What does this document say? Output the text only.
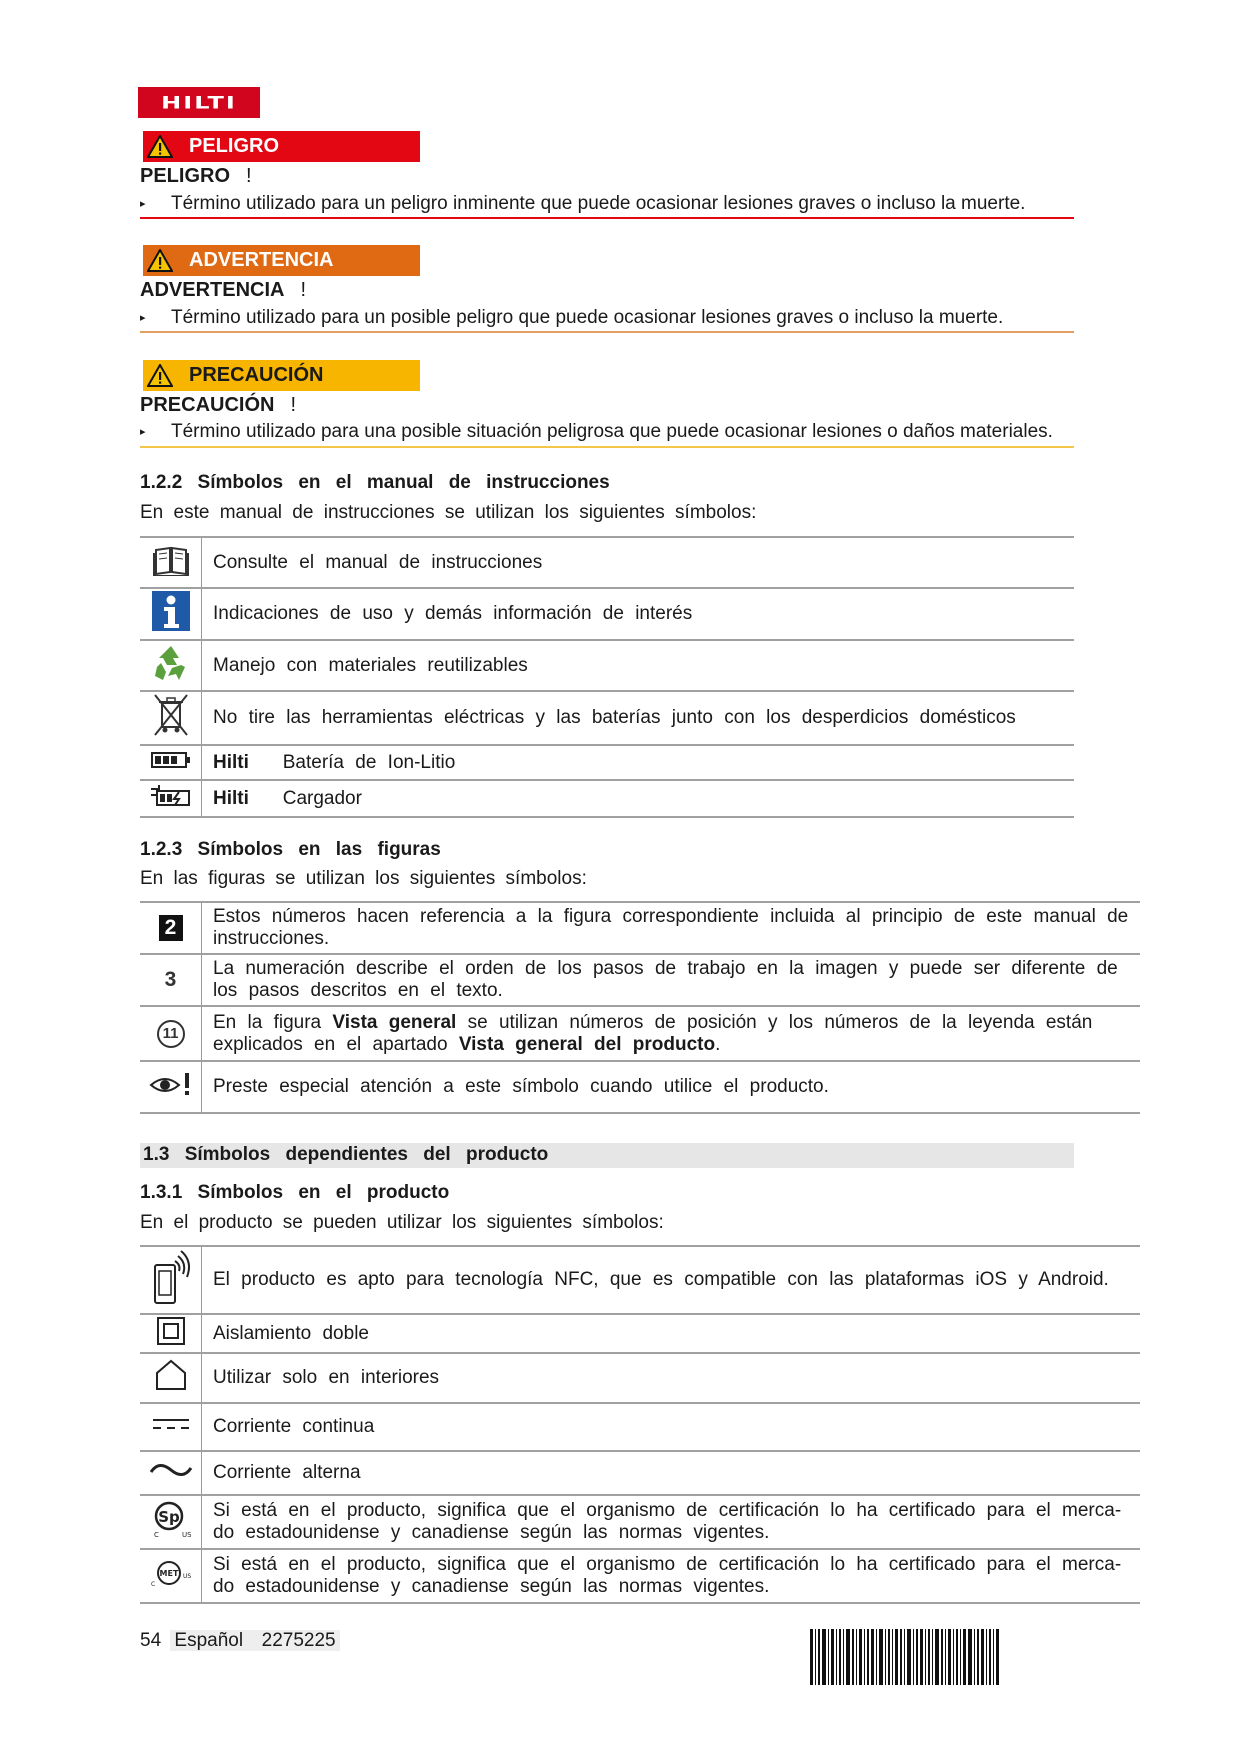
HILTI
PELIGRO
PELIGRO !
▸ Término utilizado para un peligro inminente que puede ocasionar lesiones graves o incluso la muerte.
ADVERTENCIA
ADVERTENCIA !
▸ Término utilizado para un posible peligro que puede ocasionar lesiones graves o incluso la muerte.
PRECAUCIÓN
PRECAUCIÓN !
▸ Término utilizado para una posible situación peligrosa que puede ocasionar lesiones o daños materiales.
1.2.2 Símbolos en el manual de instrucciones
En este manual de instrucciones se utilizan los siguientes símbolos:
	Consulte el manual de instrucciones
	Indicaciones de uso y demás información de interés
	Manejo con materiales reutilizables
	No tire las herramientas eléctricas y las baterías junto con los desperdicios domésticos
	Hilti Batería de Ion-Litio
	Hilti Cargador
1.2.3 Símbolos en las figuras
En las figuras se utilizan los siguientes símbolos:
2	Estos números hacen referencia a la figura correspondiente incluida al principio de este manual de instrucciones.
3	La numeración describe el orden de los pasos de trabajo en la imagen y puede ser diferente de los pasos descritos en el texto.
11	En la figura Vista general se utilizan números de posición y los números de la leyenda están explicados en el apartado Vista general del producto.
	Preste especial atención a este símbolo cuando utilice el producto.
1.3 Símbolos dependientes del producto
1.3.1 Símbolos en el producto
En el producto se pueden utilizar los siguientes símbolos:
	El producto es apto para tecnología NFC, que es compatible con las plataformas iOS y Android.
	Aislamiento doble
	Utilizar solo en interiores
	Corriente continua
	Corriente alterna

Sp
C US	Si está en el producto, significa que el organismo de certificación lo ha certificado para el merca- do estadounidense y canadiense según las normas vigentes.

MET
C
US	Si está en el producto, significa que el organismo de certificación lo ha certificado para el merca- do estadounidense y canadiense según las normas vigentes.
54 Español 2275225
